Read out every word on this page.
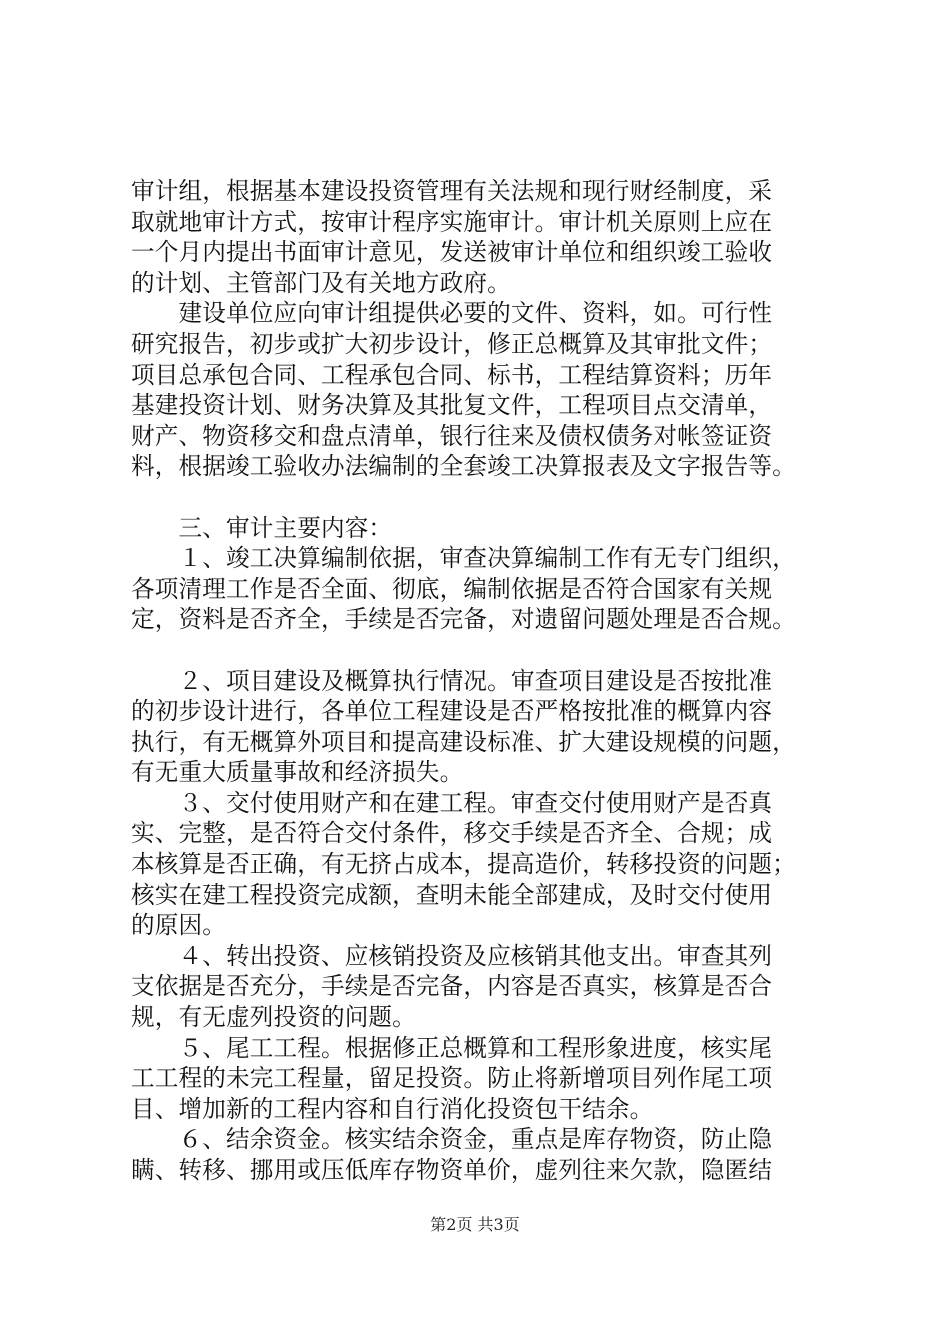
审计组，根据基本建设投资管理有关法规和现行财经制度，采
取就地审计方式，按审计程序实施审计。审计机关原则上应在
一个月内提出书面审计意见，发送被审计单位和组织竣工验收
的计划、主管部门及有关地方政府。
　　建设单位应向审计组提供必要的文件、资料，如。可行性
研究报告，初步或扩大初步设计，修正总概算及其审批文件；
项目总承包合同、工程承包合同、标书，工程结算资料；历年
基建投资计划、财务决算及其批复文件，工程项目点交清单，
财产、物资移交和盘点清单，银行往来及债权债务对帐签证资
料，根据竣工验收办法编制的全套竣工决算报表及文字报告等。
　　三、审计主要内容：
　　１、竣工决算编制依据，审查决算编制工作有无专门组织，
各项清理工作是否全面、彻底，编制依据是否符合国家有关规
定，资料是否齐全，手续是否完备，对遗留问题处理是否合规。
　　２、项目建设及概算执行情况。审查项目建设是否按批准
的初步设计进行，各单位工程建设是否严格按批准的概算内容
执行，有无概算外项目和提高建设标准、扩大建设规模的问题，
有无重大质量事故和经济损失。
　　３、交付使用财产和在建工程。审查交付使用财产是否真
实、完整，是否符合交付条件，移交手续是否齐全、合规；成
本核算是否正确，有无挤占成本，提高造价，转移投资的问题；
核实在建工程投资完成额，查明未能全部建成，及时交付使用
的原因。
　　４、转出投资、应核销投资及应核销其他支出。审查其列
支依据是否充分，手续是否完备，内容是否真实，核算是否合
规，有无虚列投资的问题。
　　５、尾工工程。根据修正总概算和工程形象进度，核实尾
工工程的未完工程量，留足投资。防止将新增项目列作尾工项
目、增加新的工程内容和自行消化投资包干结余。
　　６、结余资金。核实结余资金，重点是库存物资，防止隐
瞒、转移、挪用或压低库存物资单价，虚列往来欠款，隐匿结
第2页 共3页
